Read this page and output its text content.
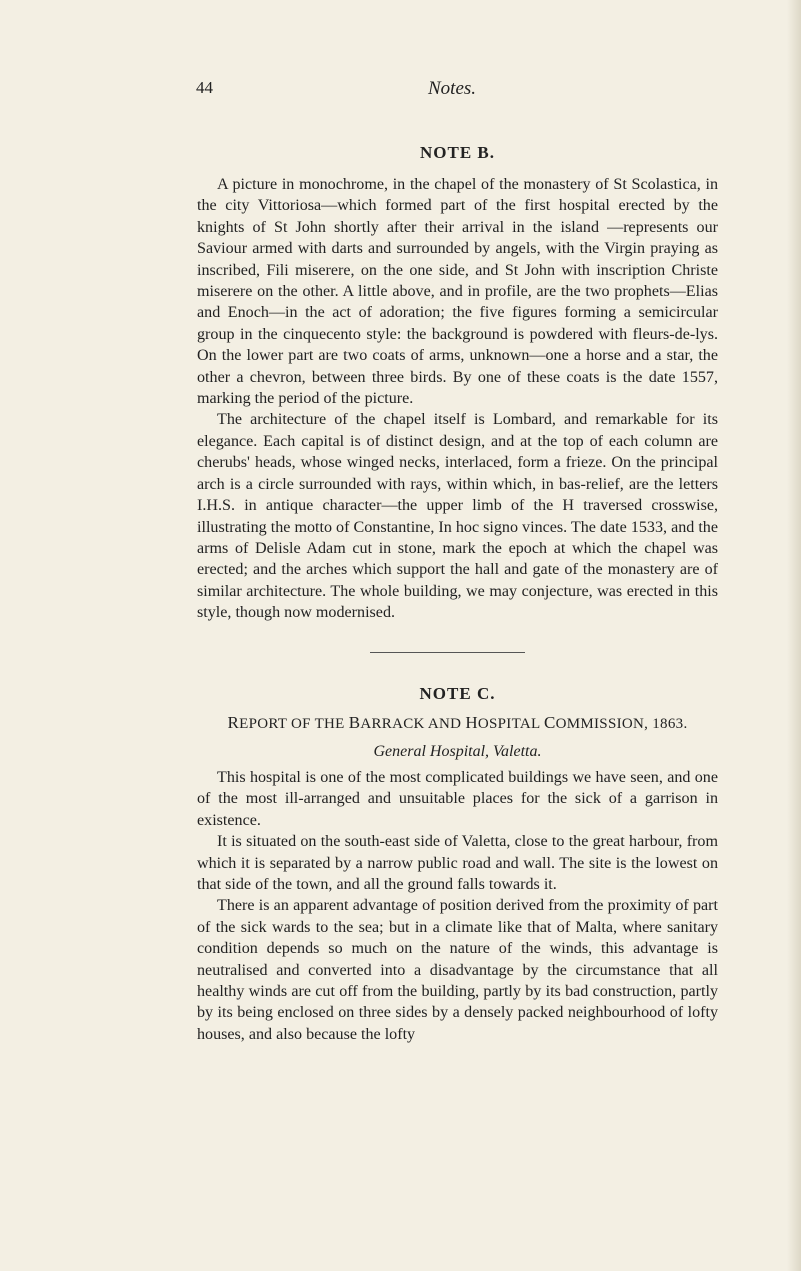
44	Notes.
NOTE B.

A picture in monochrome, in the chapel of the monastery of St Scolastica, in the city Vittoriosa—which formed part of the first hospital erected by the knights of St John shortly after their arrival in the island —represents our Saviour armed with darts and surrounded by angels, with the Virgin praying as inscribed, Fili miserere, on the one side, and St John with inscription Christe miserere on the other. A little above, and in profile, are the two prophets—Elias and Enoch—in the act of adoration; the five figures forming a semicircular group in the cinquecento style: the background is powdered with fleurs-de-lys. On the lower part are two coats of arms, unknown—one a horse and a star, the other a chevron, between three birds. By one of these coats is the date 1557, marking the period of the picture.

The architecture of the chapel itself is Lombard, and remarkable for its elegance. Each capital is of distinct design, and at the top of each column are cherubs' heads, whose winged necks, interlaced, form a frieze. On the principal arch is a circle surrounded with rays, within which, in bas-relief, are the letters I.H.S. in antique character—the upper limb of the H traversed crosswise, illustrating the motto of Constantine, In hoc signo vinces. The date 1533, and the arms of Delisle Adam cut in stone, mark the epoch at which the chapel was erected; and the arches which support the hall and gate of the monastery are of similar architecture. The whole building, we may conjecture, was erected in this style, though now modernised.

NOTE C.
REPORT OF THE BARRACK AND HOSPITAL COMMISSION, 1863.
General Hospital, Valetta.

This hospital is one of the most complicated buildings we have seen, and one of the most ill-arranged and unsuitable places for the sick of a garrison in existence.

It is situated on the south-east side of Valetta, close to the great harbour, from which it is separated by a narrow public road and wall. The site is the lowest on that side of the town, and all the ground falls towards it.

There is an apparent advantage of position derived from the proximity of part of the sick wards to the sea; but in a climate like that of Malta, where sanitary condition depends so much on the nature of the winds, this advantage is neutralised and converted into a disadvantage by the circumstance that all healthy winds are cut off from the building, partly by its bad construction, partly by its being enclosed on three sides by a densely packed neighbourhood of lofty houses, and also because the lofty
